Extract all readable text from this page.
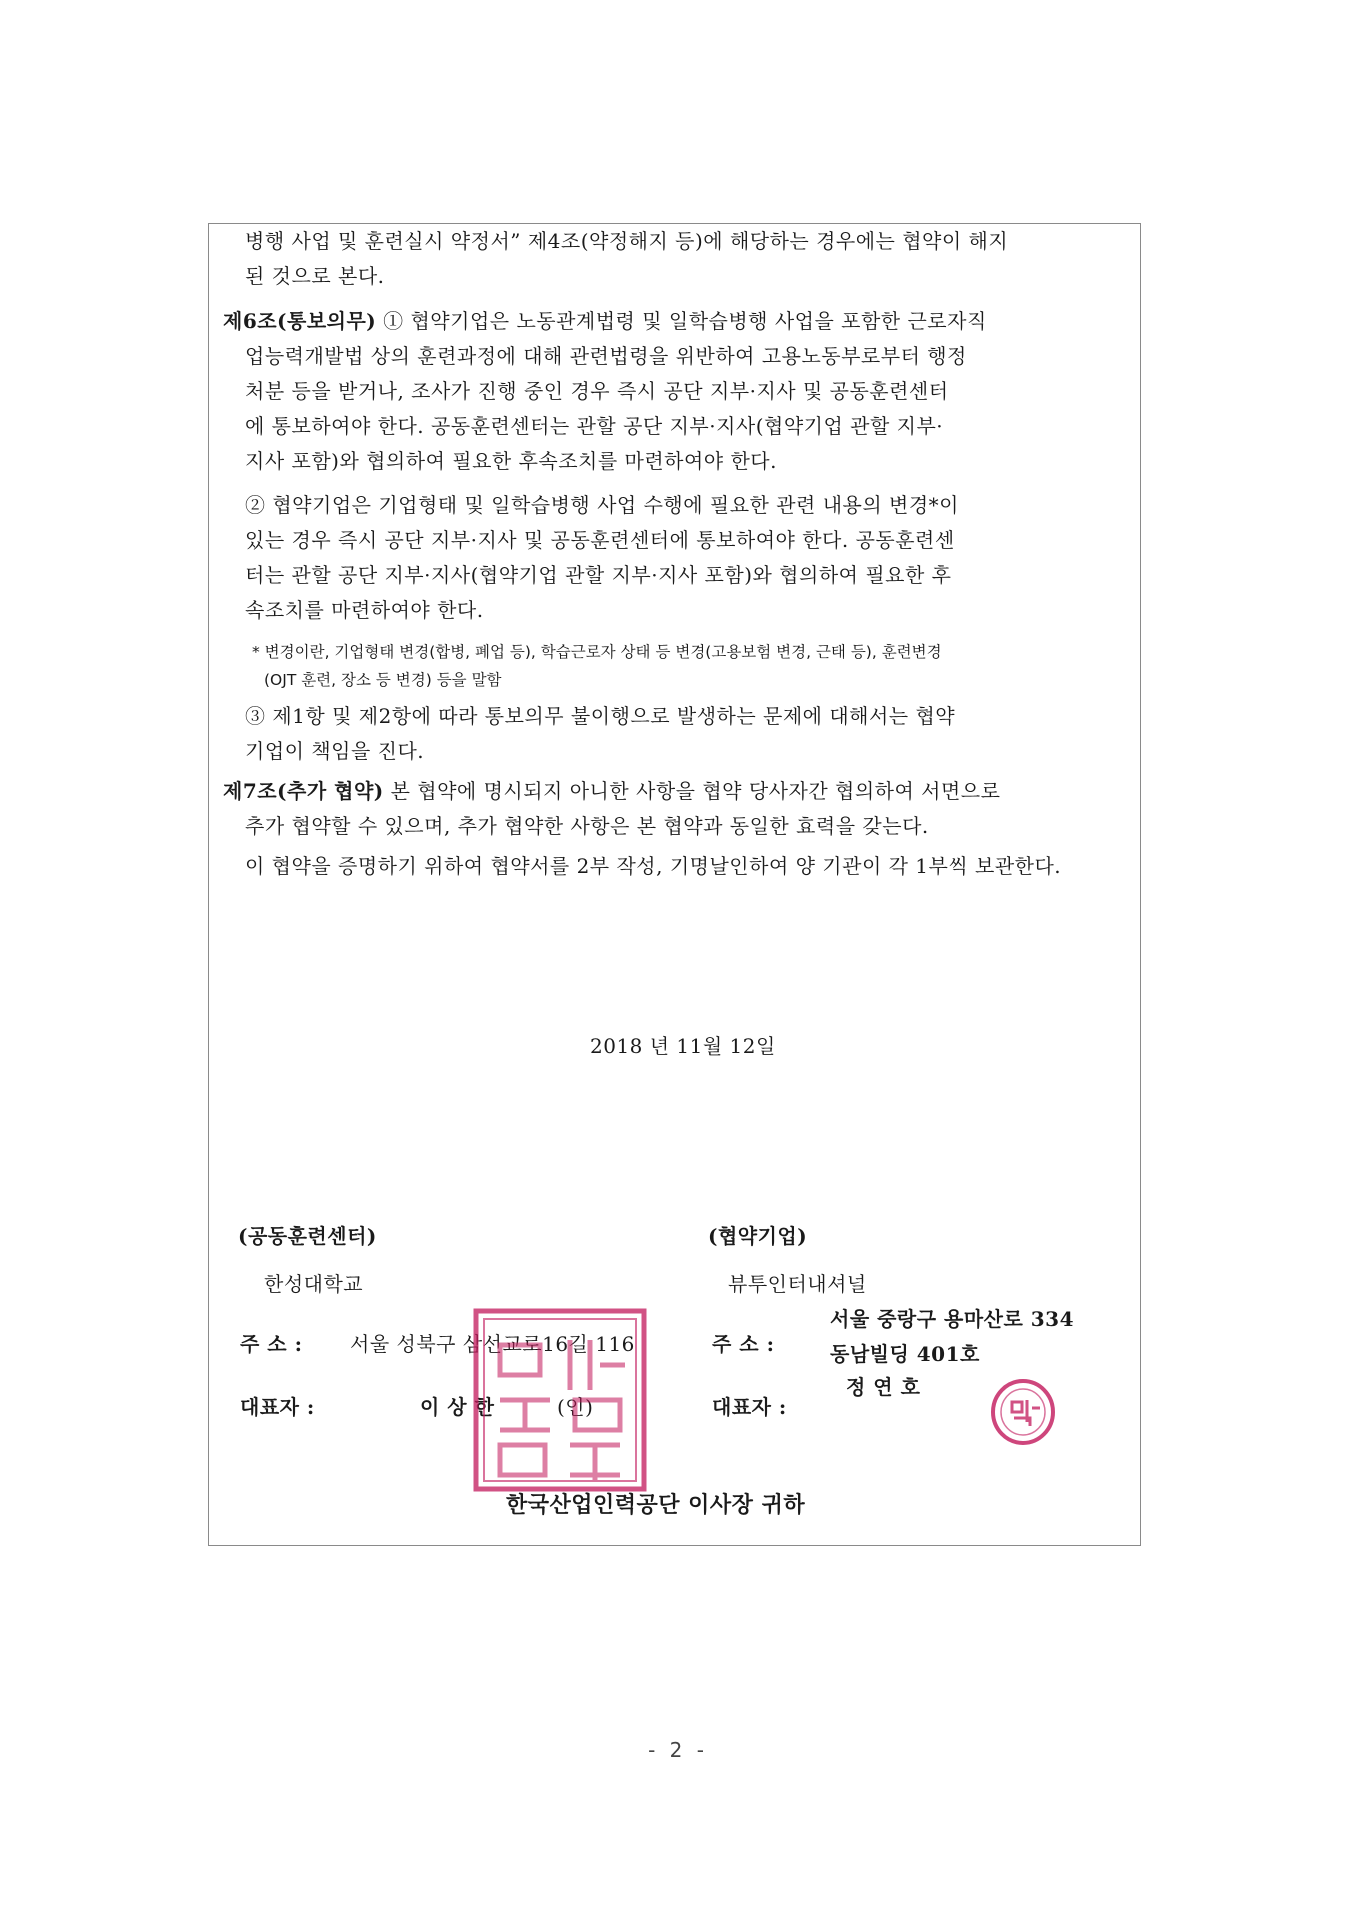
병행 사업 및 훈련실시 약정서” 제4조(약정해지 등)에 해당하는 경우에는 협약이 해지
된 것으로 본다.
제6조(통보의무) ① 협약기업은 노동관계법령 및 일학습병행 사업을 포함한 근로자직
업능력개발법 상의 훈련과정에 대해 관련법령을 위반하여 고용노동부로부터 행정
처분 등을 받거나, 조사가 진행 중인 경우 즉시 공단 지부·지사 및 공동훈련센터
에 통보하여야 한다. 공동훈련센터는 관할 공단 지부·지사(협약기업 관할 지부·
지사 포함)와 협의하여 필요한 후속조치를 마련하여야 한다.
② 협약기업은 기업형태 및 일학습병행 사업 수행에 필요한 관련 내용의 변경*이
있는 경우 즉시 공단 지부·지사 및 공동훈련센터에 통보하여야 한다. 공동훈련센
터는 관할 공단 지부·지사(협약기업 관할 지부·지사 포함)와 협의하여 필요한 후
속조치를 마련하여야 한다.
* 변경이란, 기업형태 변경(합병, 폐업 등), 학습근로자 상태 등 변경(고용보험 변경, 근태 등), 훈련변경
(OJT 훈련, 장소 등 변경) 등을 말함
③ 제1항 및 제2항에 따라 통보의무 불이행으로 발생하는 문제에 대해서는 협약
기업이 책임을 진다.
제7조(추가 협약) 본 협약에 명시되지 아니한 사항을 협약 당사자간 협의하여 서면으로
추가 협약할 수 있으며, 추가 협약한 사항은 본 협약과 동일한 효력을 갖는다.
이 협약을 증명하기 위하여 협약서를 2부 작성, 기명날인하여 양 기관이 각 1부씩 보관한다.
2018 년 11월 12일
(공동훈련센터)
한성대학교
주 소 : 서울 성북구 삼선교로16길 116
대표자 :	이 상 한	(인)
(협약기업)
뷰투인터내셔널
주 소 :
서울 중랑구 용마산로 334
동남빌딩 401호
대표자 :
정 연 호
한국산업인력공단 이사장 귀하
- 2 -
